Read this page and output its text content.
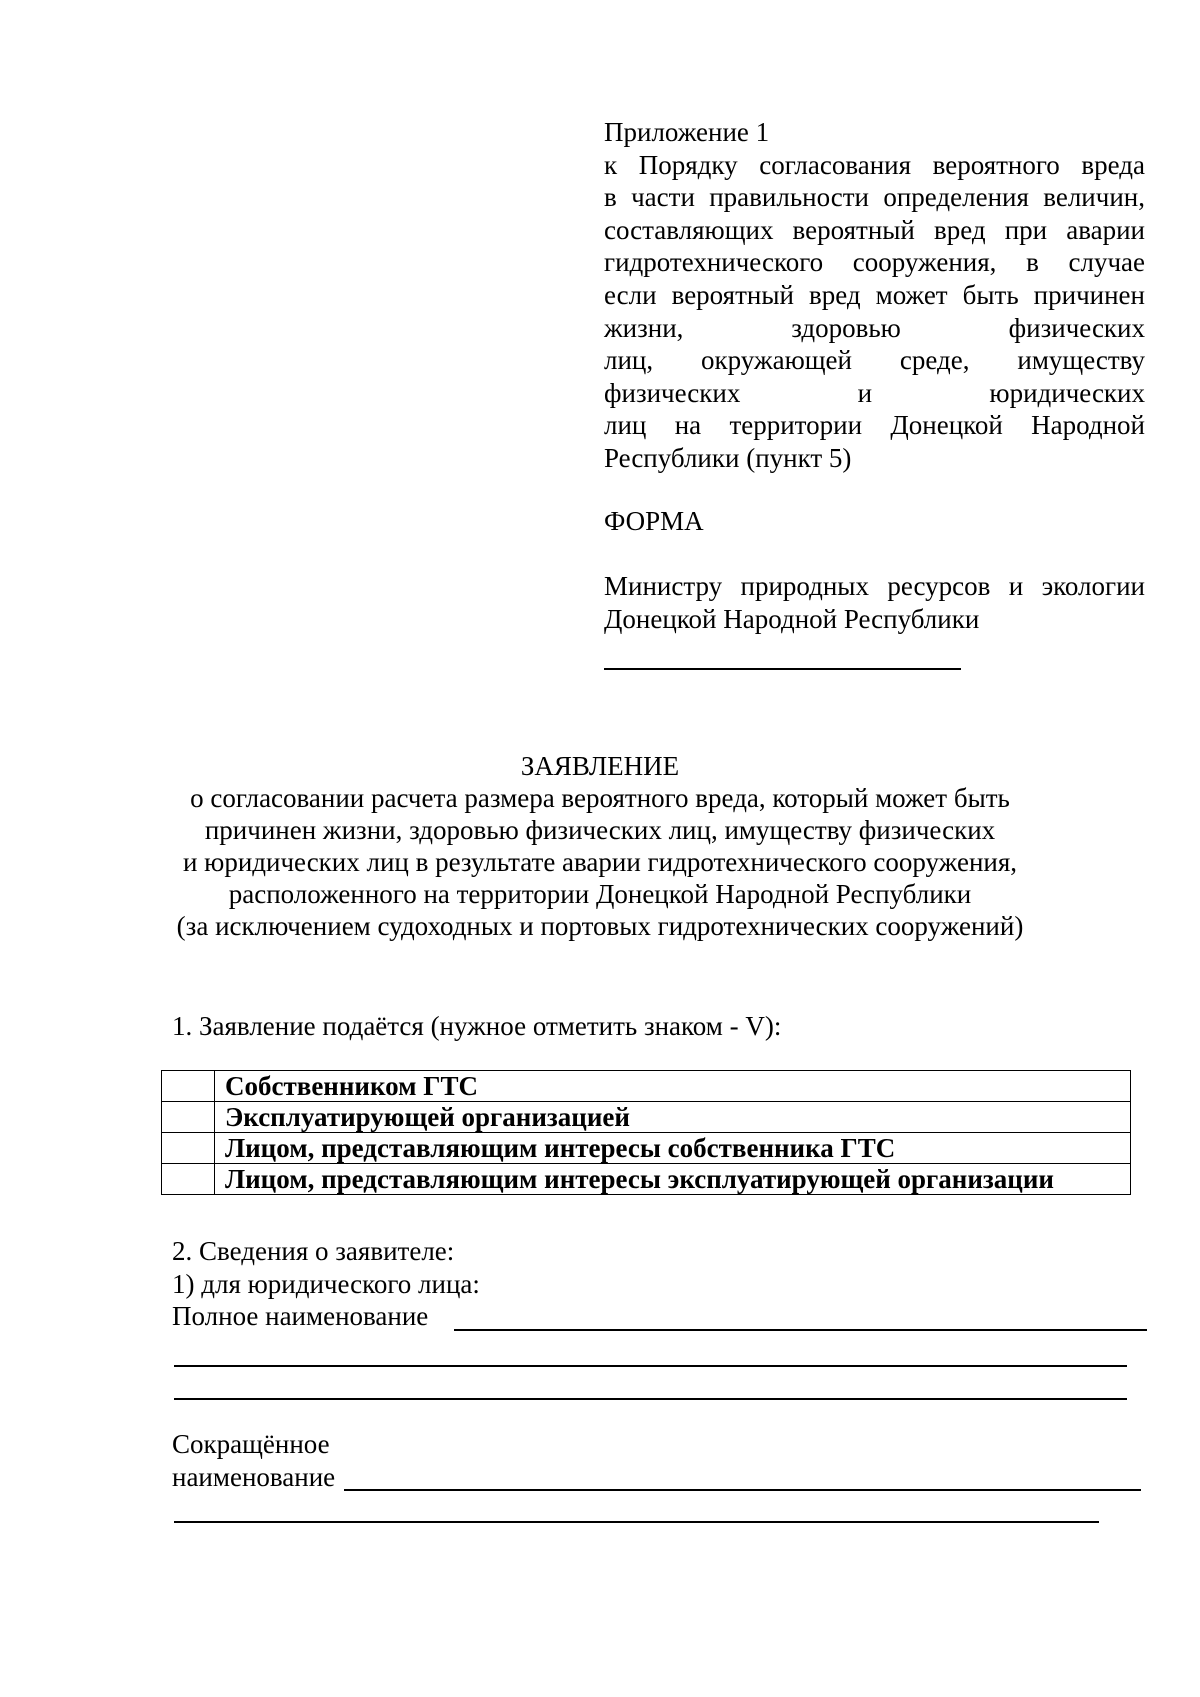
Приложение 1
к Порядку согласования вероятного вреда
в части правильности определения величин,
составляющих вероятный вред при аварии
гидротехнического сооружения, в случае
если вероятный вред может быть причинен
жизни, здоровью физических
лиц, окружающей среде, имуществу
физических и юридических
лиц на территории Донецкой Народной
Республики (пункт 5)
ФОРМА
Министру природных ресурсов и экологии
Донецкой Народной Республики
ЗАЯВЛЕНИЕ
о согласовании расчета размера вероятного вреда, который может быть
причинен жизни, здоровью физических лиц, имуществу физических
и юридических лиц в результате аварии гидротехнического сооружения,
расположенного на территории Донецкой Народной Республики
(за исключением судоходных и портовых гидротехнических сооружений)
1. Заявление подаётся (нужное отметить знаком - V):
	Собственником ГТС
	Эксплуатирующей организацией
	Лицом, представляющим интересы собственника ГТС
	Лицом, представляющим интересы эксплуатирующей организации
2. Сведения о заявителе:
1) для юридического лица:
Полное наименование
Сокращённое
наименование
